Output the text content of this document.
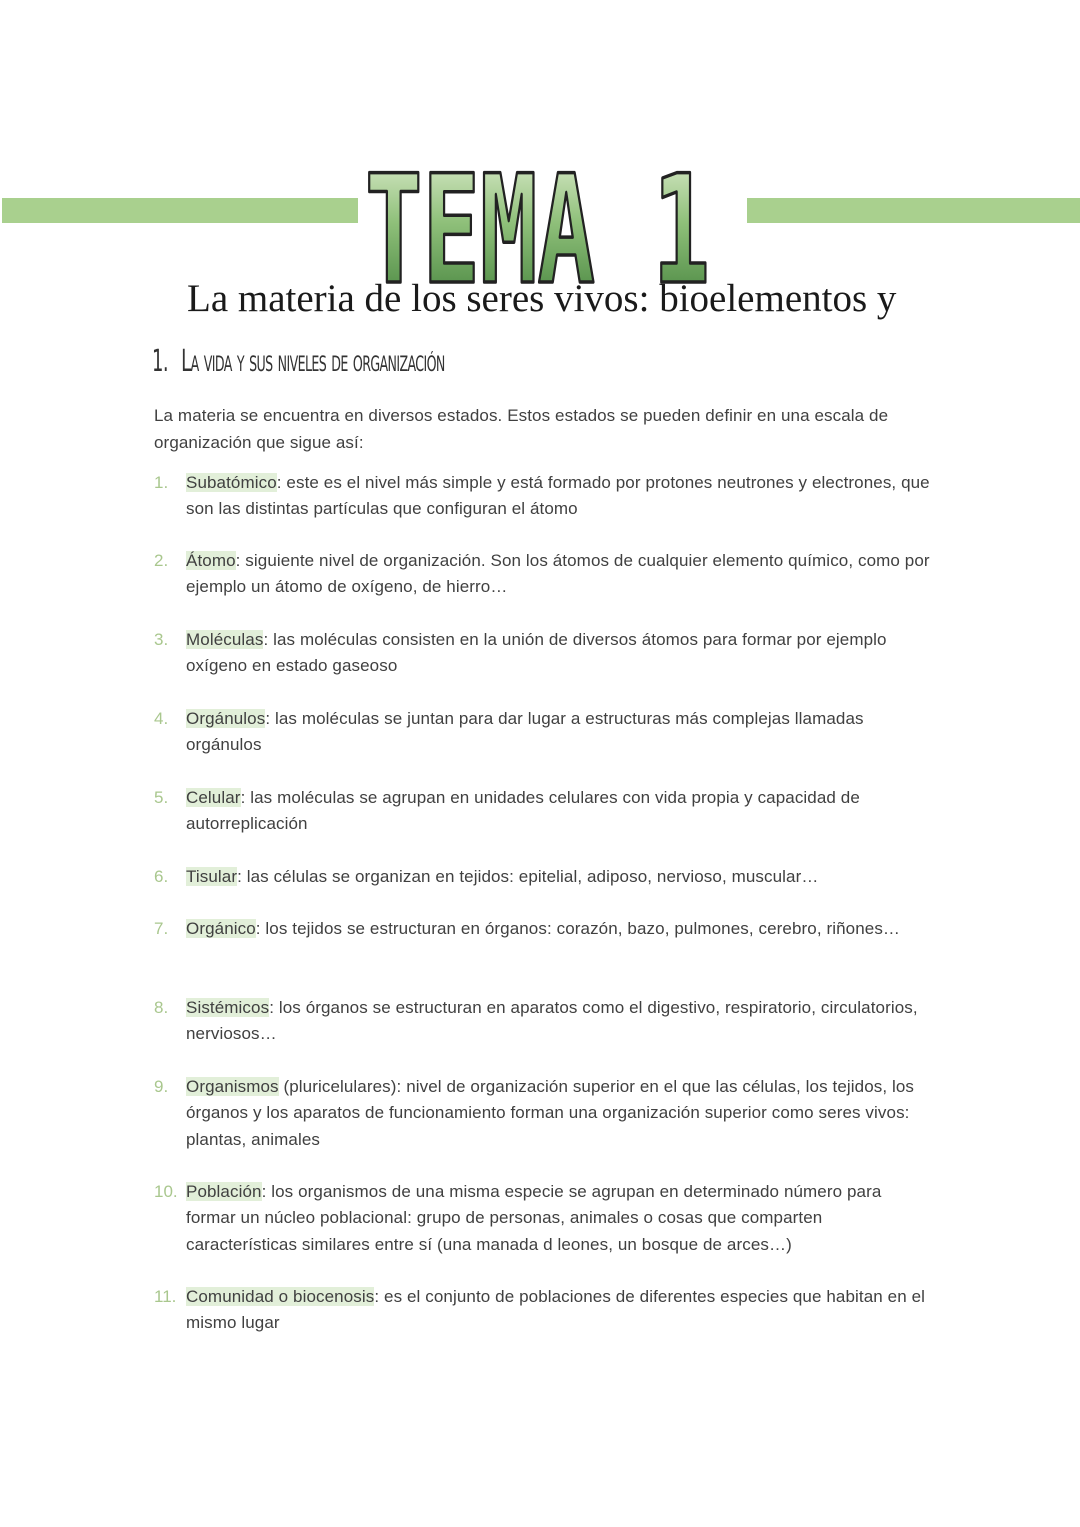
TEMA 1
La materia de los seres vivos: bioelementos y
1. La vida y sus niveles de organización

La materia se encuentra en diversos estados. Estos estados se pueden definir en una escala de organización que sigue así:

1. Subatómico: este es el nivel más simple y está formado por protones neutrones y electrones, que son las distintas partículas que configuran el átomo
2. Átomo: siguiente nivel de organización. Son los átomos de cualquier elemento químico, como por ejemplo un átomo de oxígeno, de hierro…
3. Moléculas: las moléculas consisten en la unión de diversos átomos para formar por ejemplo oxígeno en estado gaseoso
4. Orgánulos: las moléculas se juntan para dar lugar a estructuras más complejas llamadas orgánulos
5. Celular: las moléculas se agrupan en unidades celulares con vida propia y capacidad de autorreplicación
6. Tisular: las células se organizan en tejidos: epitelial, adiposo, nervioso, muscular…
7. Orgánico: los tejidos se estructuran en órganos: corazón, bazo, pulmones, cerebro, riñones…
8. Sistémicos: los órganos se estructuran en aparatos como el digestivo, respiratorio, circulatorios, nerviosos…
9. Organismos (pluricelulares): nivel de organización superior en el que las células, los tejidos, los órganos y los aparatos de funcionamiento forman una organización superior como seres vivos: plantas, animales
10. Población: los organismos de una misma especie se agrupan en determinado número para formar un núcleo poblacional: grupo de personas, animales o cosas que comparten características similares entre sí (una manada d leones, un bosque de arces…)
11. Comunidad o biocenosis: es el conjunto de poblaciones de diferentes especies que habitan en el mismo lugar
